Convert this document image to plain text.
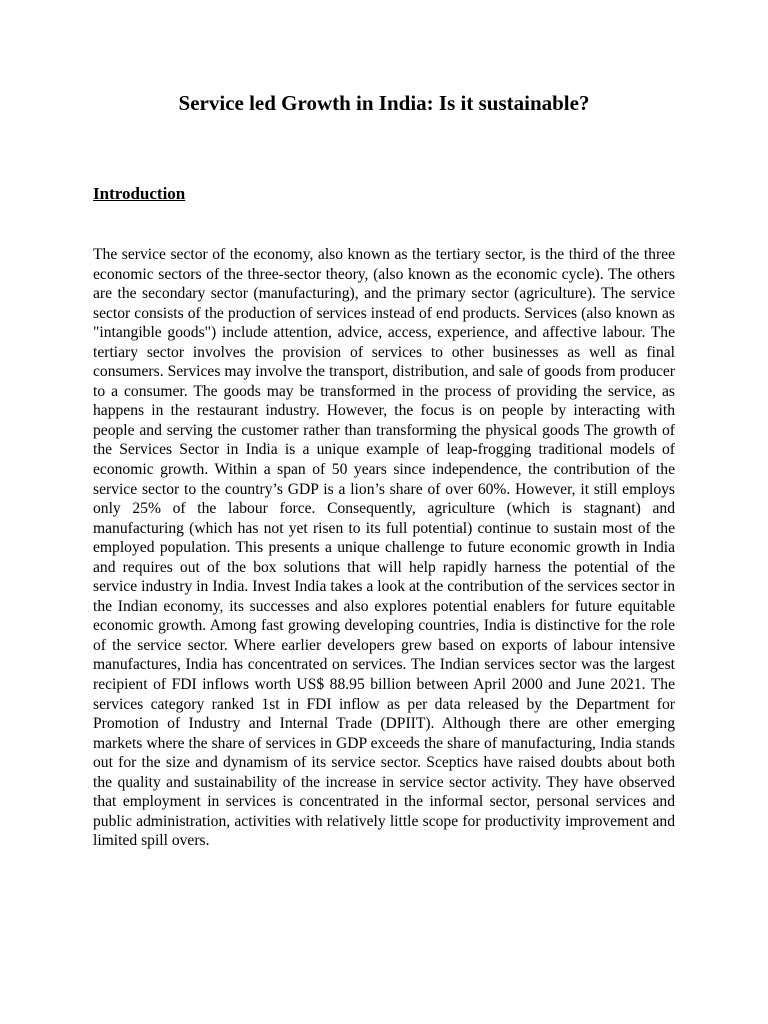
Service led Growth in India: Is it sustainable?
Introduction

The service sector of the economy, also known as the tertiary sector, is the third of the three economic sectors of the three-sector theory, (also known as the economic cycle). The others are the secondary sector (manufacturing), and the primary sector (agriculture). The service sector consists of the production of services instead of end products. Services (also known as "intangible goods") include attention, advice, access, experience, and affective labour. The tertiary sector involves the provision of services to other businesses as well as final consumers. Services may involve the transport, distribution, and sale of goods from producer to a consumer. The goods may be transformed in the process of providing the service, as happens in the restaurant industry. However, the focus is on people by interacting with people and serving the customer rather than transforming the physical goods The growth of the Services Sector in India is a unique example of leap-frogging traditional models of economic growth. Within a span of 50 years since independence, the contribution of the service sector to the country’s GDP is a lion’s share of over 60%. However, it still employs only 25% of the labour force. Consequently, agriculture (which is stagnant) and manufacturing (which has not yet risen to its full potential) continue to sustain most of the employed population. This presents a unique challenge to future economic growth in India and requires out of the box solutions that will help rapidly harness the potential of the service industry in India. Invest India takes a look at the contribution of the services sector in the Indian economy, its successes and also explores potential enablers for future equitable economic growth. Among fast growing developing countries, India is distinctive for the role of the service sector. Where earlier developers grew based on exports of labour intensive manufactures, India has concentrated on services. The Indian services sector was the largest recipient of FDI inflows worth US$ 88.95 billion between April 2000 and June 2021. The services category ranked 1st in FDI inflow as per data released by the Department for Promotion of Industry and Internal Trade (DPIIT). Although there are other emerging markets where the share of services in GDP exceeds the share of manufacturing, India stands out for the size and dynamism of its service sector. Sceptics have raised doubts about both the quality and sustainability of the increase in service sector activity. They have observed that employment in services is concentrated in the informal sector, personal services and public administration, activities with relatively little scope for productivity improvement and limited spill overs.
